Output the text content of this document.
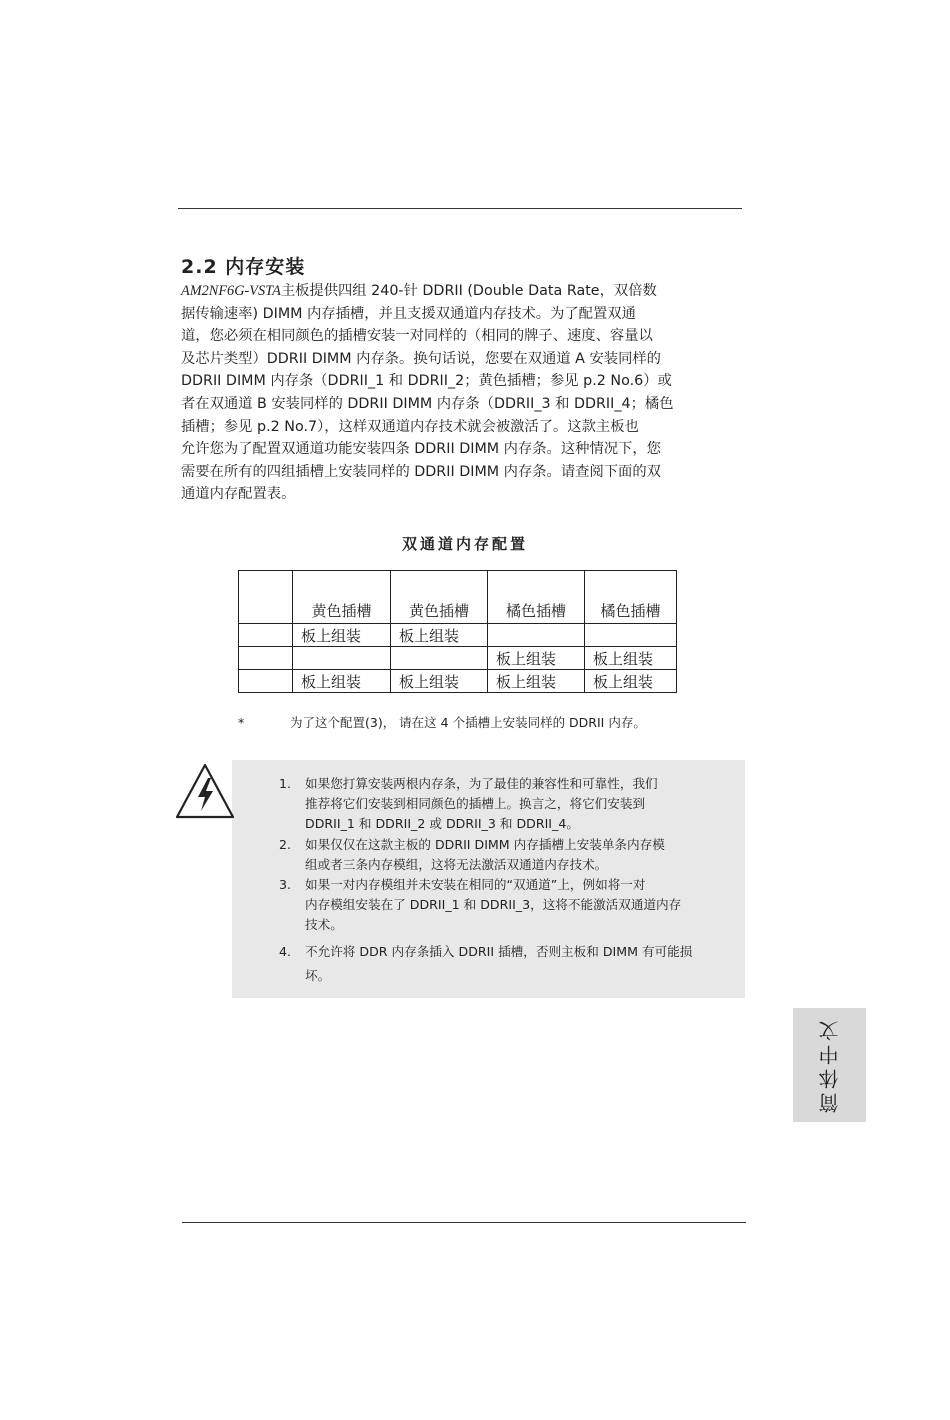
2.2 内存安装
AM2NF6G-VSTA主板提供四组 240-针 DDRII (Double Data Rate，双倍数
据传输速率) DIMM 内存插槽，并且支援双通道内存技术。为了配置双通
道，您必须在相同颜色的插槽安装一对同样的（相同的牌子、速度、容量以
及芯片类型）DDRII DIMM 内存条。换句话说，您要在双通道 A 安装同样的
DDRII DIMM 内存条（DDRII_1 和 DDRII_2；黄色插槽；参见 p.2 No.6）或
者在双通道 B 安装同样的 DDRII DIMM 内存条（DDRII_3 和 DDRII_4；橘色
插槽；参见 p.2 No.7），这样双通道内存技术就会被激活了。这款主板也
允许您为了配置双通道功能安装四条 DDRII DIMM 内存条。这种情况下，您
需要在所有的四组插槽上安装同样的 DDRII DIMM 内存条。请查阅下面的双
通道内存配置表。
双通道内存配置
	黄色插槽	黄色插槽	橘色插槽	橘色插槽
	板上组装	板上组装		
			板上组装	板上组装
	板上组装	板上组装	板上组装	板上组装
*	为了这个配置(3)， 请在这 4 个插槽上安装同样的 DDRII 内存。
1. 如果您打算安装两根内存条，为了最佳的兼容性和可靠性，我们
推荐将它们安装到相同颜色的插槽上。换言之，将它们安装到
DDRII_1 和 DDRII_2 或 DDRII_3 和 DDRII_4。
2. 如果仅仅在这款主板的 DDRII DIMM 内存插槽上安装单条内存模
组或者三条内存模组，这将无法激活双通道内存技术。
3. 如果一对内存模组并未安装在相同的“双通道”上，例如将一对
内存模组安装在了 DDRII_1 和 DDRII_3，这将不能激活双通道内存
技术。
4. 不允许将 DDR 内存条插入 DDRII 插槽，否则主板和 DIMM 有可能损
坏。
简体中文
